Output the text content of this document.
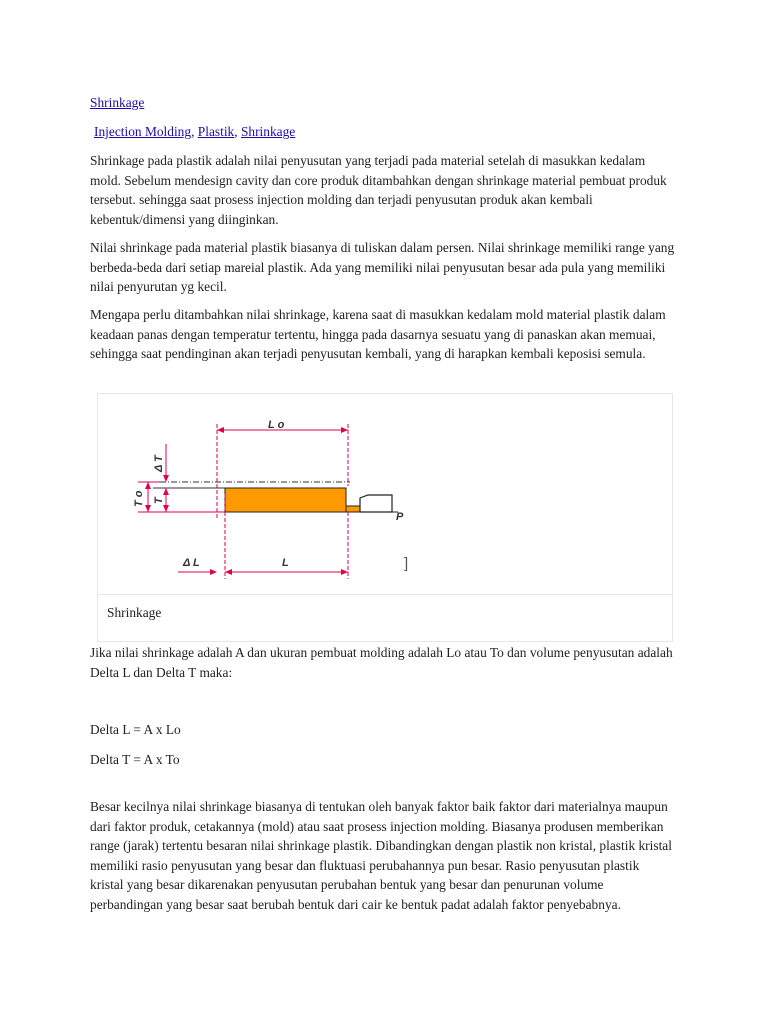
Shrinkage
Injection Molding, Plastik, Shrinkage

Shrinkage pada plastik adalah nilai penyusutan yang terjadi pada material setelah di masukkan kedalam mold. Sebelum mendesign cavity dan core produk ditambahkan dengan shrinkage material pembuat produk tersebut. sehingga saat prosess injection molding dan terjadi penyusutan produk akan kembali kebentuk/dimensi yang diinginkan.

Nilai shrinkage pada material plastik biasanya di tuliskan dalam persen. Nilai shrinkage memiliki range yang berbeda-beda dari setiap mareial plastik. Ada yang memiliki nilai penyusutan besar ada pula yang memiliki nilai penyurutan yg kecil.

Mengapa perlu ditambahkan nilai shrinkage, karena saat di masukkan kedalam mold material plastik dalam keadaan panas dengan temperatur tertentu, hingga pada dasarnya sesuatu yang di panaskan akan memuai, sehingga saat pendinginan akan terjadi penyusutan kembali, yang di harapkan kembali keposisi semula.

L o
P
Δ T
T o T
Δ L	L	]
Shrinkage

Jika nilai shrinkage adalah A dan ukuran pembuat molding adalah Lo atau To dan volume penyusutan adalah Delta L dan Delta T maka:

Delta L = A x Lo

Delta T = A x To

Besar kecilnya nilai shrinkage biasanya di tentukan oleh banyak faktor baik faktor dari materialnya maupun dari faktor produk, cetakannya (mold) atau saat prosess injection molding. Biasanya produsen memberikan range (jarak) tertentu besaran nilai shrinkage plastik. Dibandingkan dengan plastik non kristal, plastik kristal memiliki rasio penyusutan yang besar dan fluktuasi perubahannya pun besar. Rasio penyusutan plastik kristal yang besar dikarenakan penyusutan perubahan bentuk yang besar dan penurunan volume perbandingan yang besar saat berubah bentuk dari cair ke bentuk padat adalah faktor penyebabnya.
